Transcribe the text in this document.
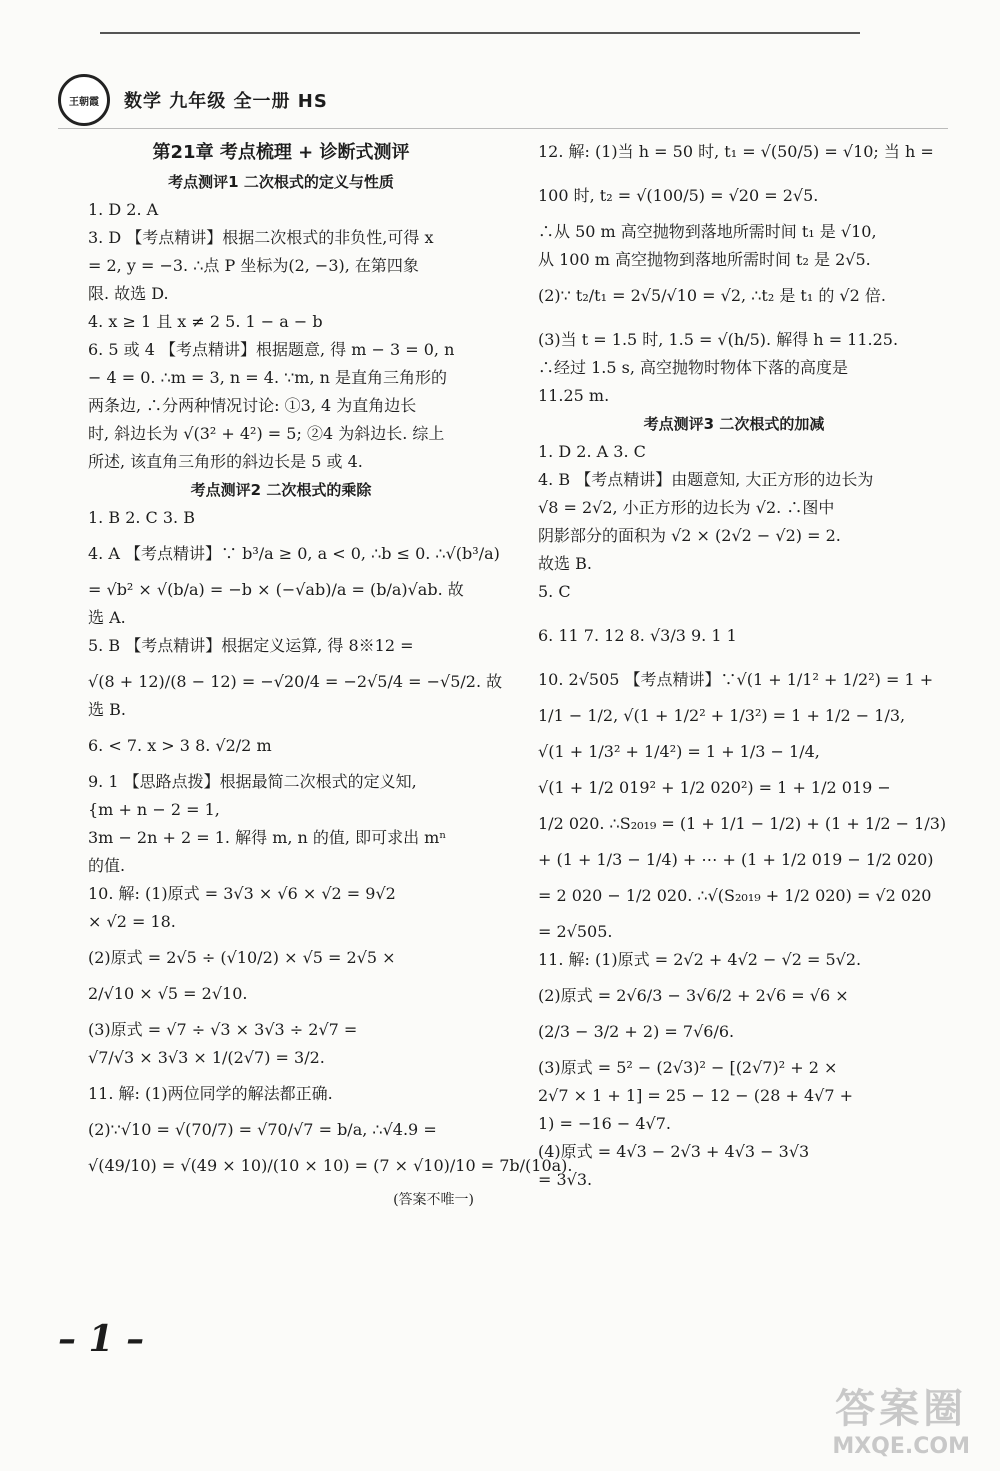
王朝霞 数学 九年级 全一册 HS
第21章 考点梳理 + 诊断式测评
考点测评1 二次根式的定义与性质
1. D 2. A
3. D 【考点精讲】根据二次根式的非负性,可得 x
= 2, y = −3. ∴点 P 坐标为(2, −3), 在第四象
限. 故选 D.
4. x ≥ 1 且 x ≠ 2 5. 1 − a − b
6. 5 或 4 【考点精讲】根据题意, 得 m − 3 = 0, n
− 4 = 0. ∴m = 3, n = 4. ∵m, n 是直角三角形的
两条边, ∴分两种情况讨论: ①3, 4 为直角边长
时, 斜边长为 √(3² + 4²) = 5; ②4 为斜边长. 综上
所述, 该直角三角形的斜边长是 5 或 4.
考点测评2 二次根式的乘除
1. B 2. C 3. B
4. A 【考点精讲】∵ b³/a ≥ 0, a < 0, ∴b ≤ 0. ∴√(b³/a)
= √b² × √(b/a) = −b × (−√ab)/a = (b/a)√ab. 故
选 A.
5. B 【考点精讲】根据定义运算, 得 8※12 =
√(8 + 12)/(8 − 12) = −√20/4 = −2√5/4 = −√5/2. 故
选 B.
6. < 7. x > 3 8. √2/2 m
9. 1 【思路点拨】根据最简二次根式的定义知,
{m + n − 2 = 1,
3m − 2n + 2 = 1. 解得 m, n 的值, 即可求出 mⁿ
的值.
10. 解: (1)原式 = 3√3 × √6 × √2 = 9√2
× √2 = 18.
(2)原式 = 2√5 ÷ (√10/2) × √5 = 2√5 ×
2/√10 × √5 = 2√10.
(3)原式 = √7 ÷ √3 × 3√3 ÷ 2√7 =
√7/√3 × 3√3 × 1/(2√7) = 3/2.
11. 解: (1)两位同学的解法都正确.
(2)∵√10 = √(70/7) = √70/√7 = b/a, ∴√4.9 =
√(49/10) = √(49 × 10)/(10 × 10) = (7 × √10)/10 = 7b/(10a).
(答案不唯一)
12. 解: (1)当 h = 50 时, t₁ = √(50/5) = √10; 当 h =
100 时, t₂ = √(100/5) = √20 = 2√5.
∴从 50 m 高空抛物到落地所需时间 t₁ 是 √10,
从 100 m 高空抛物到落地所需时间 t₂ 是 2√5.
(2)∵ t₂/t₁ = 2√5/√10 = √2, ∴t₂ 是 t₁ 的 √2 倍.
(3)当 t = 1.5 时, 1.5 = √(h/5). 解得 h = 11.25.
∴经过 1.5 s, 高空抛物时物体下落的高度是
11.25 m.
考点测评3 二次根式的加减
1. D 2. A 3. C
4. B 【考点精讲】由题意知, 大正方形的边长为
√8 = 2√2, 小正方形的边长为 √2. ∴图中
阴影部分的面积为 √2 × (2√2 − √2) = 2.
故选 B.
5. C
6. 11 7. 12 8. √3/3 9. 1 1
10. 2√505 【考点精讲】∵√(1 + 1/1² + 1/2²) = 1 +
1/1 − 1/2, √(1 + 1/2² + 1/3²) = 1 + 1/2 − 1/3,
√(1 + 1/3² + 1/4²) = 1 + 1/3 − 1/4,
√(1 + 1/2 019² + 1/2 020²) = 1 + 1/2 019 −
1/2 020. ∴S₂₀₁₉ = (1 + 1/1 − 1/2) + (1 + 1/2 − 1/3)
+ (1 + 1/3 − 1/4) + ⋯ + (1 + 1/2 019 − 1/2 020)
= 2 020 − 1/2 020. ∴√(S₂₀₁₉ + 1/2 020) = √2 020
= 2√505.
11. 解: (1)原式 = 2√2 + 4√2 − √2 = 5√2.
(2)原式 = 2√6/3 − 3√6/2 + 2√6 = √6 ×
(2/3 − 3/2 + 2) = 7√6/6.
(3)原式 = 5² − (2√3)² − [(2√7)² + 2 ×
2√7 × 1 + 1] = 25 − 12 − (28 + 4√7 +
1) = −16 − 4√7.
(4)原式 = 4√3 − 2√3 + 4√3 − 3√3
= 3√3.
– 1 –
答案圈
MXQE.COM
